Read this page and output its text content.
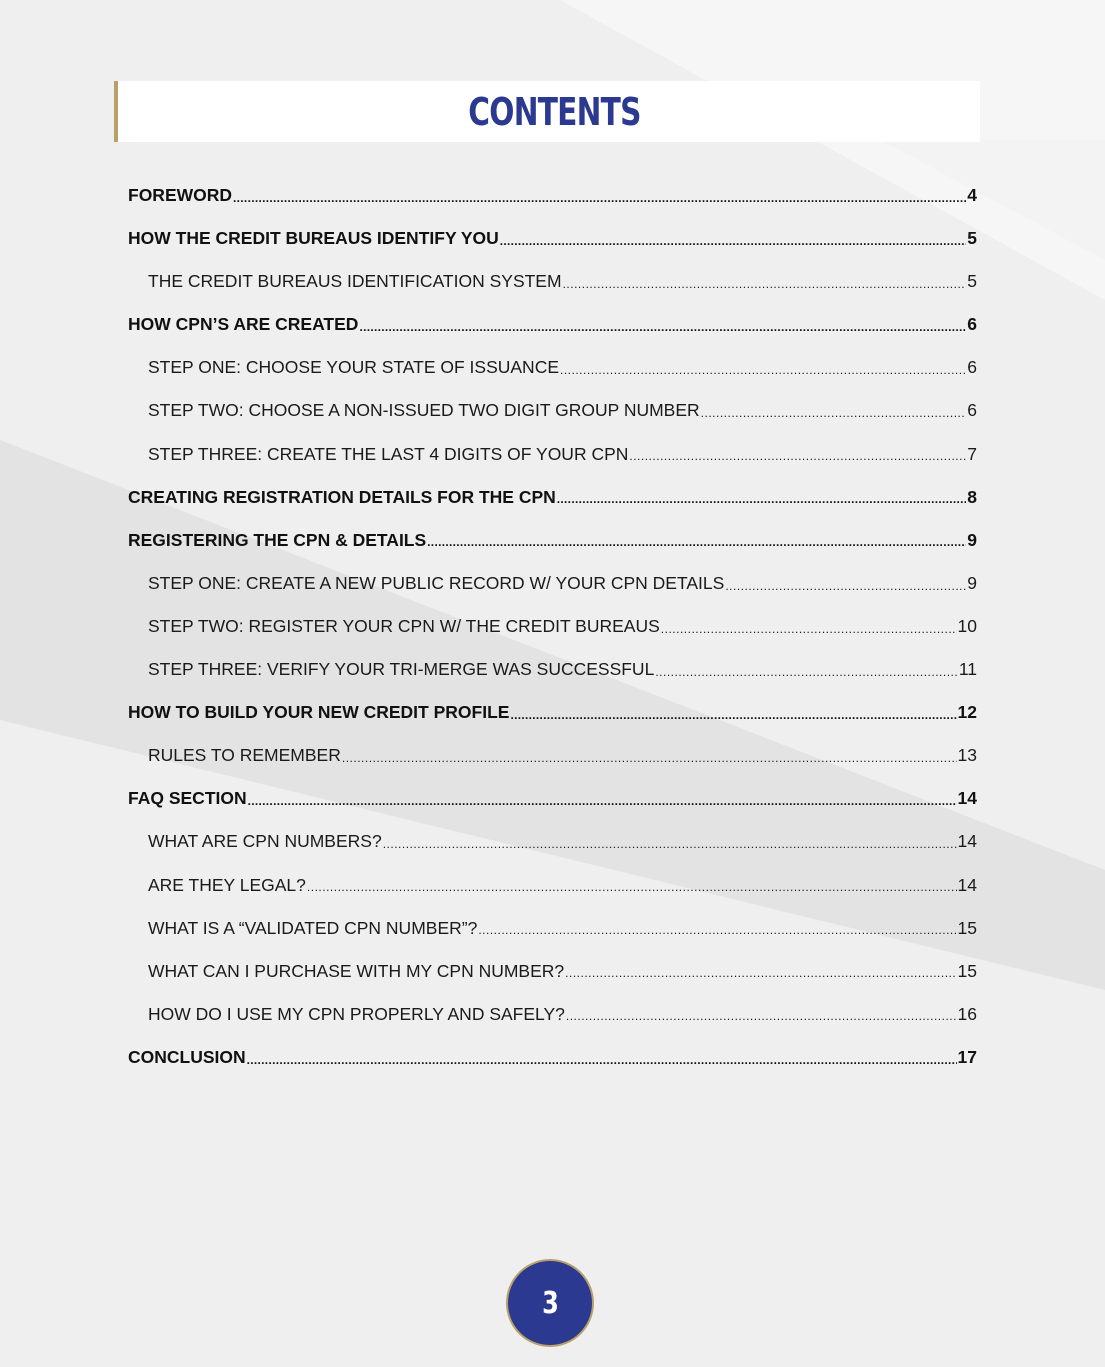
CONTENTS
FOREWORD .....	4
HOW THE CREDIT BUREAUS IDENTIFY YOU .....	5
THE CREDIT BUREAUS IDENTIFICATION SYSTEM .....	5
HOW CPN’S ARE CREATED .....	6
STEP ONE: CHOOSE YOUR STATE OF ISSUANCE .....	6
STEP TWO: CHOOSE A NON-ISSUED TWO DIGIT GROUP NUMBER .....	6
STEP THREE: CREATE THE LAST 4 DIGITS OF YOUR CPN .....	7
CREATING REGISTRATION DETAILS FOR THE CPN .....	8
REGISTERING THE CPN & DETAILS .....	9
STEP ONE: CREATE A NEW PUBLIC RECORD W/ YOUR CPN DETAILS .....	9
STEP TWO: REGISTER YOUR CPN W/ THE CREDIT BUREAUS .....	10
STEP THREE: VERIFY YOUR TRI-MERGE WAS SUCCESSFUL .....	11
HOW TO BUILD YOUR NEW CREDIT PROFILE .....	12
RULES TO REMEMBER .....	13
FAQ SECTION .....	14
WHAT ARE CPN NUMBERS? .....	14
ARE THEY LEGAL? .....	14
WHAT IS A “VALIDATED CPN NUMBER”? .....	15
WHAT CAN I PURCHASE WITH MY CPN NUMBER? .....	15
HOW DO I USE MY CPN PROPERLY AND SAFELY? .....	16
CONCLUSION .....	17
3
